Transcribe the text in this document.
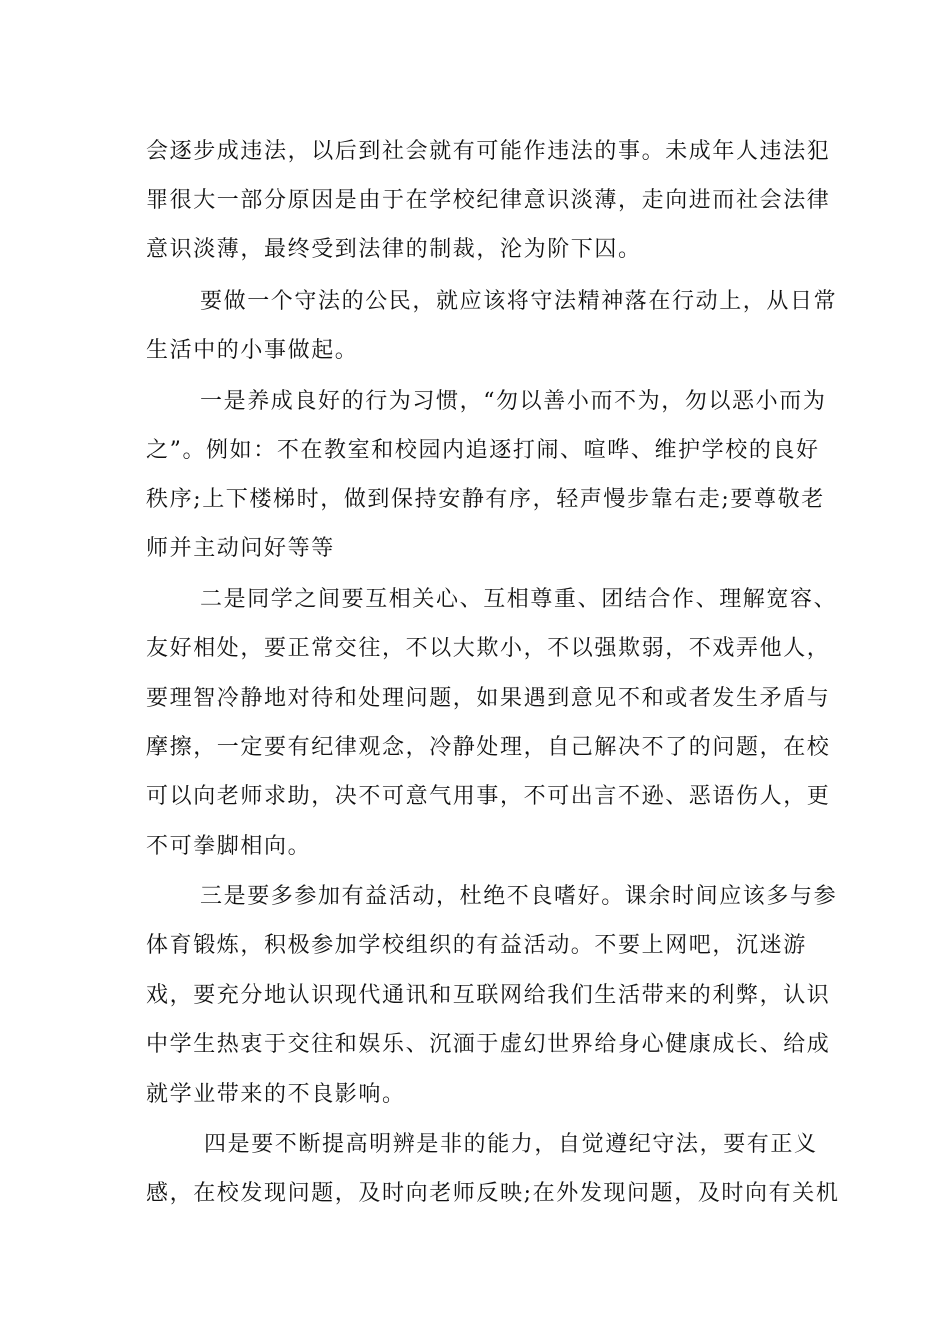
会逐步成违法，以后到社会就有可能作违法的事。未成年人违法犯

罪很大一部分原因是由于在学校纪律意识淡薄，走向进而社会法律

意识淡薄，最终受到法律的制裁，沦为阶下囚。

要做一个守法的公民，就应该将守法精神落在行动上，从日常

生活中的小事做起。

一是养成良好的行为习惯，“勿以善小而不为，勿以恶小而为

之”。例如：不在教室和校园内追逐打闹、喧哗、维护学校的良好

秩序;上下楼梯时，做到保持安静有序，轻声慢步靠右走;要尊敬老

师并主动问好等等

二是同学之间要互相关心、互相尊重、团结合作、理解宽容、

友好相处，要正常交往，不以大欺小，不以强欺弱，不戏弄他人，

要理智冷静地对待和处理问题，如果遇到意见不和或者发生矛盾与

摩擦，一定要有纪律观念，冷静处理，自己解决不了的问题，在校

可以向老师求助，决不可意气用事，不可出言不逊、恶语伤人，更

不可拳脚相向。

三是要多参加有益活动，杜绝不良嗜好。课余时间应该多与参

体育锻炼，积极参加学校组织的有益活动。不要上网吧，沉迷游

戏，要充分地认识现代通讯和互联网给我们生活带来的利弊，认识

中学生热衷于交往和娱乐、沉湎于虚幻世界给身心健康成长、给成

就学业带来的不良影响。

四是要不断提高明辨是非的能力，自觉遵纪守法，要有正义

感，在校发现问题，及时向老师反映;在外发现问题，及时向有关机
